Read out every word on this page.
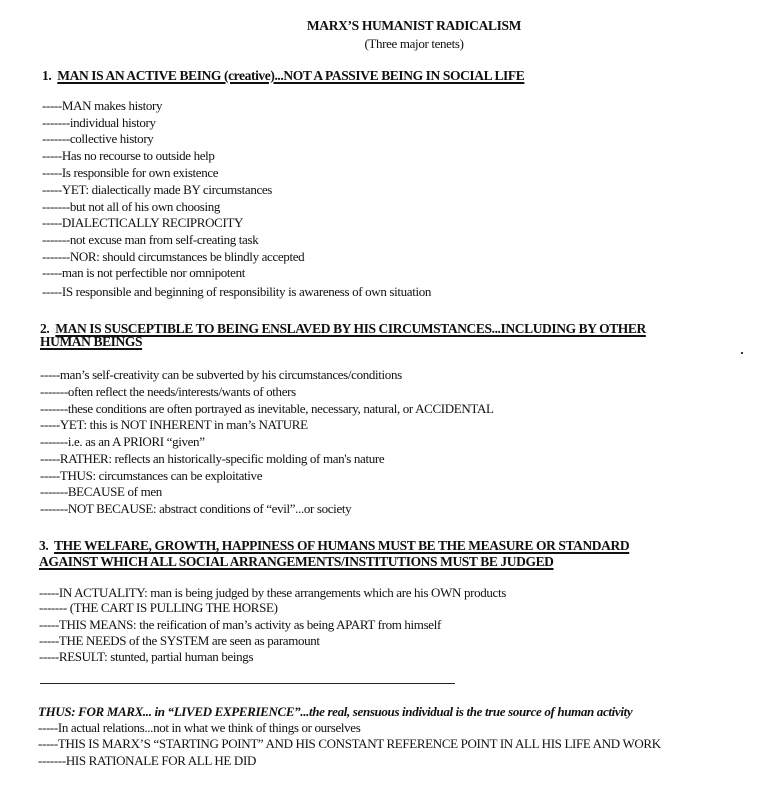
MARX’S HUMANIST RADICALISM
(Three major tenets)
1. MAN IS AN ACTIVE BEING (creative)...NOT A PASSIVE BEING IN SOCIAL LIFE
-----MAN makes history
-------individual history
-------collective history
-----Has no recourse to outside help
-----Is responsible for own existence
-----YET: dialectically made BY circumstances
-------but not all of his own choosing
-----DIALECTICALLY RECIPROCITY
-------not excuse man from self-creating task
-------NOR: should circumstances be blindly accepted
-----man is not perfectible nor omnipotent
-----IS responsible and beginning of responsibility is awareness of own situation
2. MAN IS SUSCEPTIBLE TO BEING ENSLAVED BY HIS CIRCUMSTANCES...INCLUDING BY OTHER
HUMAN BEINGS
-----man’s self-creativity can be subverted by his circumstances/conditions
-------often reflect the needs/interests/wants of others
-------these conditions are often portrayed as inevitable, necessary, natural, or ACCIDENTAL
-----YET: this is NOT INHERENT in man’s NATURE
-------i.e. as an A PRIORI “given”
-----RATHER: reflects an historically-specific molding of man's nature
-----THUS: circumstances can be exploitative
-------BECAUSE of men
-------NOT BECAUSE: abstract conditions of “evil”...or society
3. THE WELFARE, GROWTH, HAPPINESS OF HUMANS MUST BE THE MEASURE OR STANDARD
AGAINST WHICH ALL SOCIAL ARRANGEMENTS/INSTITUTIONS MUST BE JUDGED
-----IN ACTUALITY: man is being judged by these arrangements which are his OWN products
------- (THE CART IS PULLING THE HORSE)
-----THIS MEANS: the reification of man’s activity as being APART from himself
-----THE NEEDS of the SYSTEM are seen as paramount
-----RESULT: stunted, partial human beings
THUS: FOR MARX... in “LIVED EXPERIENCE”...the real, sensuous individual is the true source of human activity
-----In actual relations...not in what we think of things or ourselves
-----THIS IS MARX’S “STARTING POINT” AND HIS CONSTANT REFERENCE POINT IN ALL HIS LIFE AND WORK
-------HIS RATIONALE FOR ALL HE DID
